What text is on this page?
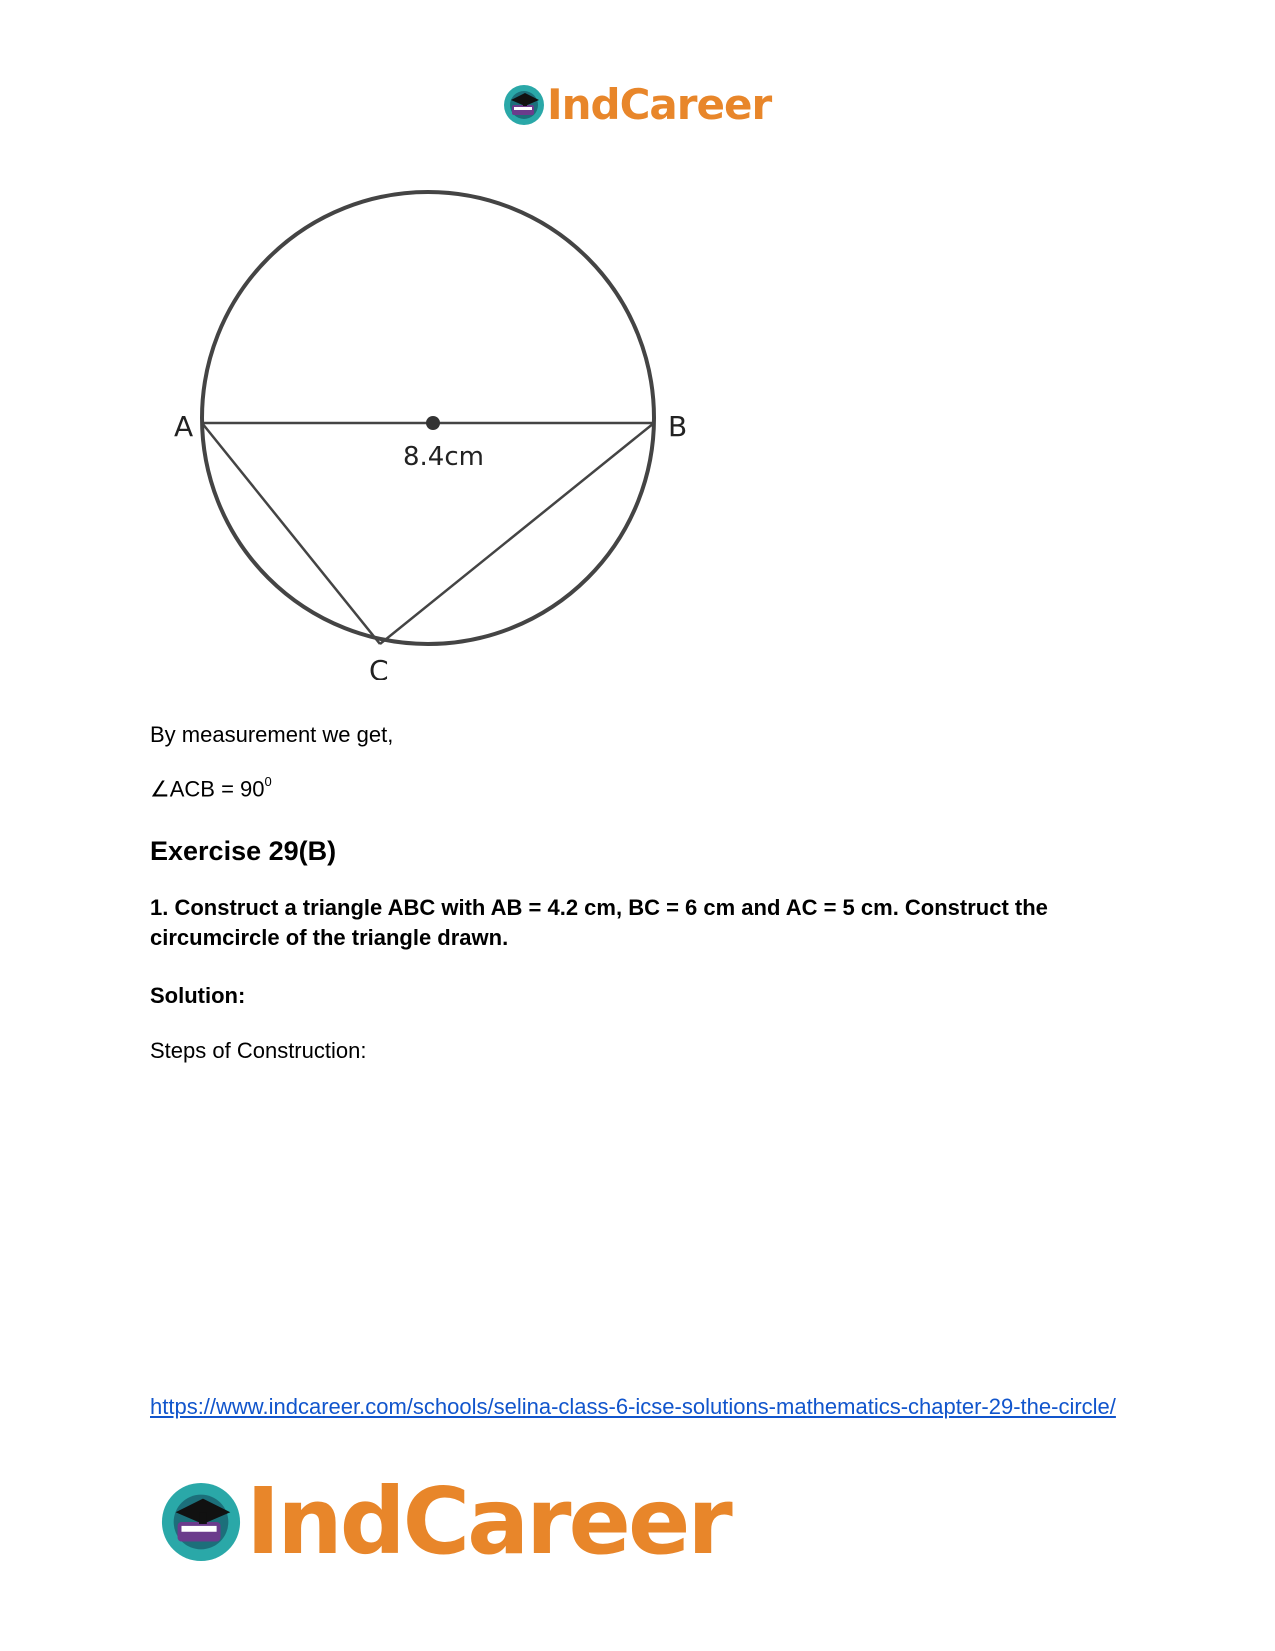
IndCareer
A	B
C
8.4cm
By measurement we get,
∠ACB = $90^0$
Exercise 29(B)
1. Construct a triangle ABC with AB = 4.2 cm, BC = 6 cm and AC = 5 cm. Construct the circumcircle of the triangle drawn.
Solution:
Steps of Construction:
https://www.indcareer.com/schools/selina-class-6-icse-solutions-mathematics-chapter-29-the-circle/
IndCareer
